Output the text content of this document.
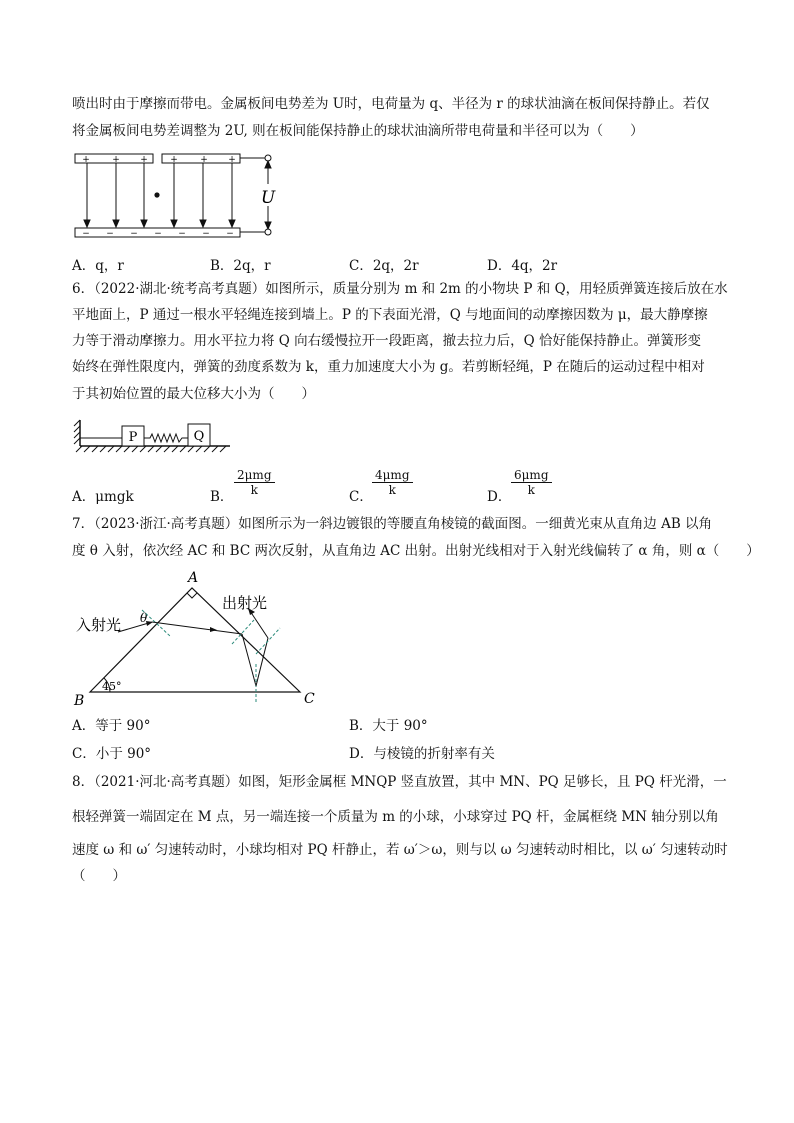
喷出时由于摩擦而带电。金属板间电势差为 U时，电荷量为 q、半径为 r 的球状油滴在板间保持静止。若仅
将金属板间电势差调整为 2U, 则在板间能保持静止的球状油滴所带电荷量和半径可以为（　　）
+ + + + + +
− − − − − − −
U
A．q，r	B．2q，r	C．2q，2r	D．4q，2r
6．（2022·湖北·统考高考真题）如图所示，质量分别为 m 和 2m 的小物块 P 和 Q，用轻质弹簧连接后放在水
平地面上，P 通过一根水平轻绳连接到墙上。P 的下表面光滑，Q 与地面间的动摩擦因数为 μ，最大静摩擦
力等于滑动摩擦力。用水平拉力将 Q 向右缓慢拉开一段距离，撤去拉力后，Q 恰好能保持静止。弹簧形变
始终在弹性限度内，弹簧的劲度系数为 k，重力加速度大小为 g。若剪断轻绳，P 在随后的运动过程中相对
于其初始位置的最大位移大小为（　　）
P	Q
A．μmgk	B．
2μmg
k	C．
4μmg
k	D．
6μmg
k
7．（2023·浙江·高考真题）如图所示为一斜边镀银的等腰直角棱镜的截面图。一细黄光束从直角边 AB 以角
度 θ 入射，依次经 AC 和 BC 两次反射，从直角边 AC 出射。出射光线相对于入射光线偏转了 α 角，则 α（　　）
45°
A
B	C
入射光 θ
出射光
A．等于 90°	B．大于 90°
C．小于 90°	D．与棱镜的折射率有关
8．（2021·河北·高考真题）如图，矩形金属框 MNQP 竖直放置，其中 MN、PQ 足够长，且 PQ 杆光滑，一
根轻弹簧一端固定在 M 点，另一端连接一个质量为 m 的小球，小球穿过 PQ 杆，金属框绕 MN 轴分别以角
速度 ω 和 ω′ 匀速转动时，小球均相对 PQ 杆静止，若 ω′＞ω，则与以 ω 匀速转动时相比，以 ω′ 匀速转动时
（　　）
